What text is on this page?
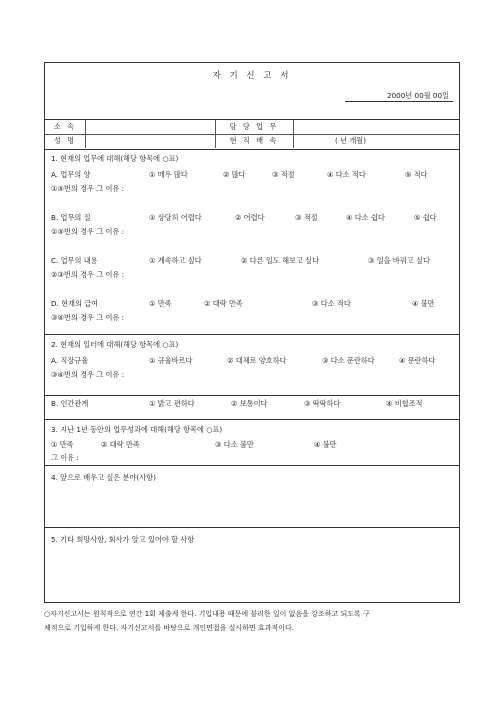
자 기 신 고 서
2000년 00월 00일
소 속	담 당 업 무
성 명	현 직 배 속	( 년 개월)
1. 현재의 업무에 대해(해당 항목에 ○표)
A. 업무의 양	① 매우 많다	② 많다	③ 적절	④ 다소 적다	⑤ 적다
①⑤번의 경우 그 이유 :
B. 업무의 질	① 상당히 어렵다	② 어렵다	③ 적절	④ 다소 쉽다	⑤ 쉽다
①⑤번의 경우 그 이유 :
C. 업무의 내용	① 계속하고 싶다	② 다른 일도 해보고 싶다	③ 일을 바꿔고 싶다
②③번의 경우 그 이유 :
D. 현재의 급여	① 만족	② 대략 만족	③ 다소 적다	④ 불만
③④번의 경우 그 이유 :
2. 현재의 일터에 대해(해당 항목에 ○표)
A. 직장규율	① 규율바르다	② 대체로 양호하다	③ 다소 문란하다	④ 문란하다
③④번의 경우 그 이유 :
B. 인간관계	① 밝고 편하다	② 보통이다	③ 딱딱하다	④ 비협조적
3. 지난 1년 동안의 업무성과에 대해(해당 항목에 ○표)
① 만족	② 대략 만족	③ 다소 불만	④ 불만
그 이유 :
4. 앞으로 배우고 싶은 분야(사항)
5. 기타 희망사항, 회사가 알고 있어야 할 사항
○자기신고서는 원칙적으로 연간 1회 제출케 한다. 기입내용 때문에 불리한 일이 없음을 강조하고 되도록 구
체적으로 기입하게 한다. 자기신고서를 바탕으로 개인면접을 실시하면 효과적이다.
